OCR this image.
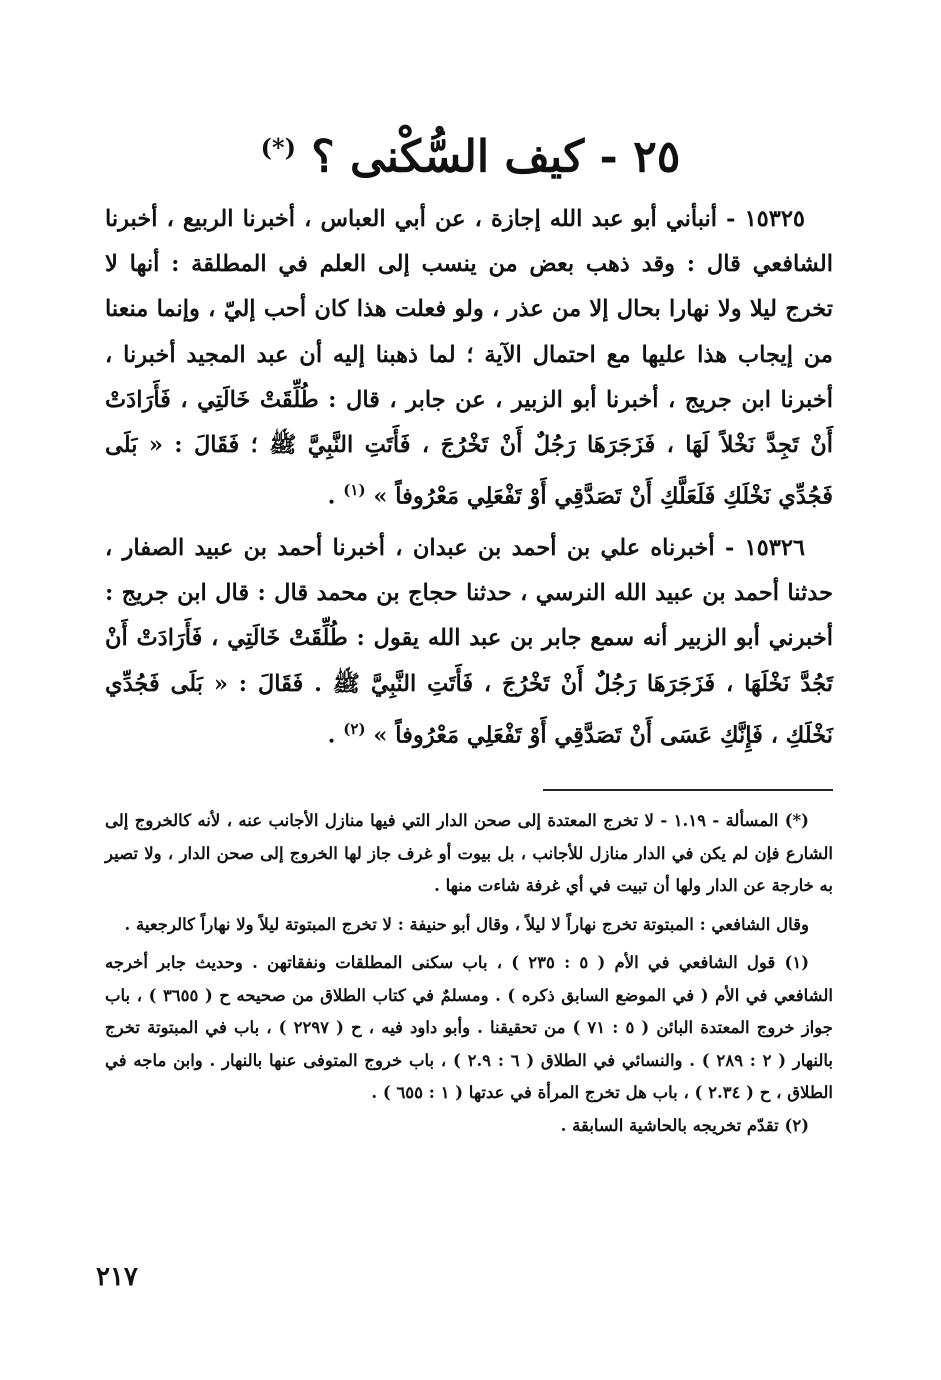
٢٥ - كيف السُّكْنى ؟ (*)

١٥٣٢٥ - أنبأني أبو عبد الله إجازة ، عن أبي العباس ، أخبرنا الربيع ، أخبرنا الشافعي قال : وقد ذهب بعض من ينسب إلى العلم في المطلقة : أنها لا تخرج ليلا ولا نهارا بحال إلا من عذر ، ولو فعلت هذا كان أحب إليّ ، وإنما منعنا من إيجاب هذا عليها مع احتمال الآية ؛ لما ذهبنا إليه أن عبد المجيد أخبرنا ، أخبرنا ابن جريج ، أخبرنا أبو الزبير ، عن جابر ، قال : طُلِّقَتْ خَالَتِي ، فَأَرَادَتْ أَنْ تَجِدَّ نَخْلاً لَهَا ، فَزَجَرَهَا رَجُلٌ أَنْ تَخْرُجَ ، فَأَتَتِ النَّبِيَّ ﷺ ؛ فَقَالَ : « بَلَى فَجُدِّي نَخْلَكِ فَلَعَلَّكِ أَنْ تَصَدَّقِي أَوْ تَفْعَلِي مَعْرُوفاً » $^{(١)}$ .

١٥٣٢٦ - أخبرناه علي بن أحمد بن عبدان ، أخبرنا أحمد بن عبيد الصفار ، حدثنا أحمد بن عبيد الله النرسي ، حدثنا حجاج بن محمد قال : قال ابن جريج : أخبرني أبو الزبير أنه سمع جابر بن عبد الله يقول : طُلِّقَتْ خَالَتِي ، فَأَرَادَتْ أَنْ تَجُدَّ نَخْلَهَا ، فَزَجَرَهَا رَجُلٌ أَنْ تَخْرُجَ ، فَأَتَتِ النَّبِيَّ ﷺ . فَقَالَ : « بَلَى فَجُدِّي نَخْلَكِ ، فَإِنَّكِ عَسَى أَنْ تَصَدَّقِي أَوْ تَفْعَلِي مَعْرُوفاً » $^{(٢)}$ .

(*) المسألة - ١.١٩ - لا تخرج المعتدة إلى صحن الدار التي فيها منازل الأجانب عنه ، لأنه كالخروج إلى الشارع فإن لم يكن في الدار منازل للأجانب ، بل بيوت أو غرف جاز لها الخروج إلى صحن الدار ، ولا تصير به خارجة عن الدار ولها أن تبيت في أي غرفة شاءت منها .

وقال الشافعي : المبتوتة تخرج نهاراً لا ليلاً ، وقال أبو حنيفة : لا تخرج المبتوتة ليلاً ولا نهاراً كالرجعية .

(١) قول الشافعي في الأم ( ٥ : ٢٣٥ ) ، باب سكنى المطلقات ونفقاتهن . وحديث جابر أخرجه الشافعي في الأم ( في الموضع السابق ذكره ) . ومسلمٌ في كتاب الطلاق من صحيحه ح ( ٣٦٥٥ ) ، باب جواز خروج المعتدة البائن ( ٥ : ٧١ ) من تحقيقنا . وأبو داود فيه ، ح ( ٢٢٩٧ ) ، باب في المبتوتة تخرج بالنهار ( ٢ : ٢٨٩ ) . والنسائي في الطلاق ( ٦ : ٢.٩ ) ، باب خروج المتوفى عنها بالنهار . وابن ماجه في الطلاق ، ح ( ٢.٣٤ ) ، باب هل تخرج المرأة في عدتها ( ١ : ٦٥٥ ) .

(٢) تقدّم تخريجه بالحاشية السابقة .

٢١٧
